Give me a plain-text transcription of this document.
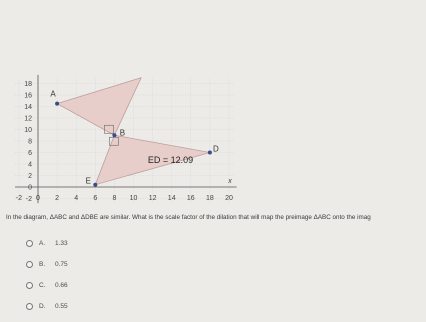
-2 0 2 4 6 8 10 12 14 16 18 20
16
14
12
10
8
6
4
2
0
-2
18
x
A
B
D
E
ED = 12.09
In the diagram, ΔABC and ΔDBE are similar. What is the scale factor of the dilation that will map the preimage ΔABC onto the imag
A.	1.33
B.	0.75
C.	0.66
D.	0.55
